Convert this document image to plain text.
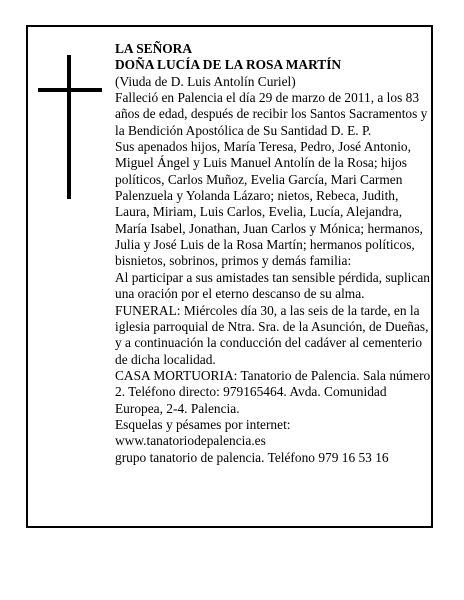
LA SEÑORA

DOÑA LUCÍA DE LA ROSA MARTÍN

(Viuda de D. Luis Antolín Curiel)

Falleció en Palencia el día 29 de marzo de 2011, a los 83 años de edad, después de recibir los Santos Sacramentos y la Bendición Apostólica de Su Santidad D. E. P.

Sus apenados hijos, María Teresa, Pedro, José Antonio, Miguel Ángel y Luis Manuel Antolín de la Rosa; hijos políticos, Carlos Muñoz, Evelia García, Mari Carmen Palenzuela y Yolanda Lázaro; nietos, Rebeca, Judith, Laura, Miriam, Luis Carlos, Evelia, Lucía, Alejandra, María Isabel, Jonathan, Juan Carlos y Mónica; hermanos, Julia y José Luis de la Rosa Martín; hermanos políticos, bisnietos, sobrinos, primos y demás familia:

Al participar a sus amistades tan sensible pérdida, suplican una oración por el eterno descanso de su alma.

FUNERAL: Miércoles día 30, a las seis de la tarde, en la iglesia parroquial de Ntra. Sra. de la Asunción, de Dueñas, y a continuación la conducción del cadáver al cementerio de dicha localidad.

CASA MORTUORIA: Tanatorio de Palencia. Sala número 2. Teléfono directo: 979165464. Avda. Comunidad Europea, 2-4. Palencia.

Esquelas y pésames por internet:

www.tanatoriodepalencia.es

grupo tanatorio de palencia. Teléfono 979 16 53 16
